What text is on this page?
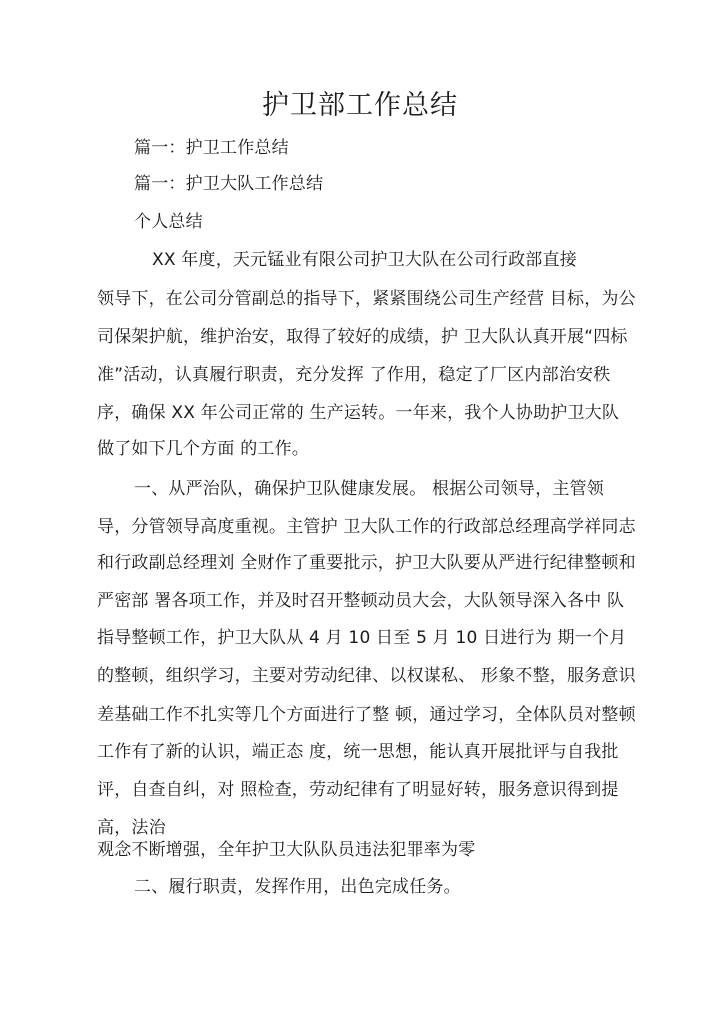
护卫部工作总结
篇一：护卫工作总结
篇一：护卫大队工作总结
个人总结
XX 年度，天元锰业有限公司护卫大队在公司行政部直接
领导下，在公司分管副总的指导下，紧紧围绕公司生产经营 目标，为公
司保架护航，维护治安，取得了较好的成绩，护 卫大队认真开展“四标
准”活动，认真履行职责，充分发挥 了作用，稳定了厂区内部治安秩
序，确保 XX 年公司正常的 生产运转。一年来，我个人协助护卫大队
做了如下几个方面 的工作。
一、从严治队，确保护卫队健康发展。 根据公司领导，主管领
导，分管领导高度重视。主管护 卫大队工作的行政部总经理高学祥同志
和行政副总经理刘 全财作了重要批示，护卫大队要从严进行纪律整顿和
严密部 署各项工作，并及时召开整顿动员大会，大队领导深入各中 队
指导整顿工作，护卫大队从 4 月 10 日至 5 月 10 日进行为 期一个月
的整顿，组织学习，主要对劳动纪律、以权谋私、 形象不整，服务意识
差基础工作不扎实等几个方面进行了整 顿，通过学习，全体队员对整顿
工作有了新的认识，端正态 度，统一思想，能认真开展批评与自我批
评，自查自纠，对 照检查，劳动纪律有了明显好转，服务意识得到提
高，法治
观念不断增强，全年护卫大队队员违法犯罪率为零
二、履行职责，发挥作用，出色完成任务。
